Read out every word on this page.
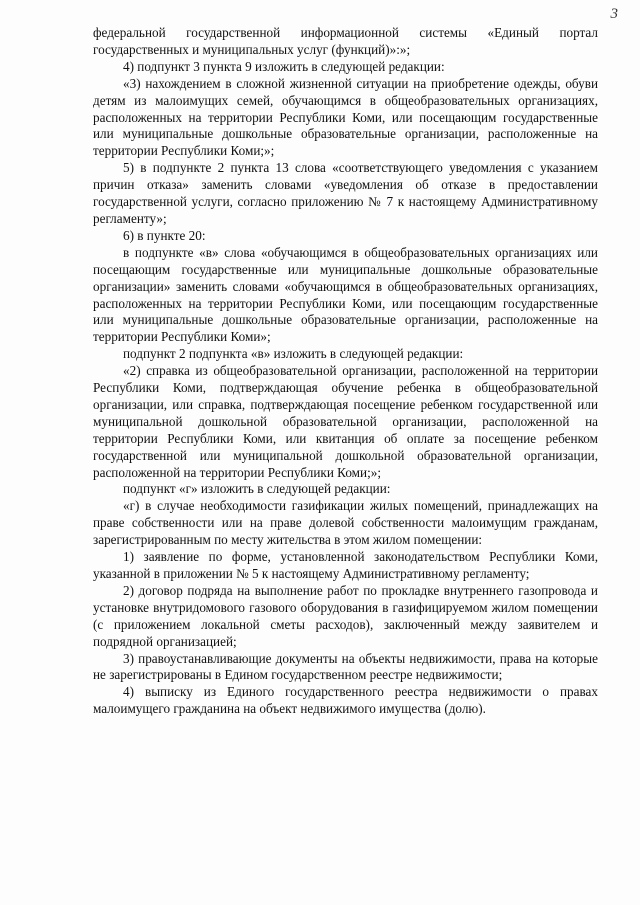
3

федеральной государственной информационной системы «Единый портал государственных и муниципальных услуг (функций)»:»;

4) подпункт 3 пункта 9 изложить в следующей редакции:

«3) нахождением в сложной жизненной ситуации на приобретение одежды, обуви детям из малоимущих семей, обучающимся в общеобразовательных организациях, расположенных на территории Республики Коми, или посещающим государственные или муниципальные дошкольные образовательные организации, расположенные на территории Республики Коми;»;

5) в подпункте 2 пункта 13 слова «соответствующего уведомления с указанием причин отказа» заменить словами «уведомления об отказе в предоставлении государственной услуги, согласно приложению № 7 к настоящему Административному регламенту»;

6) в пункте 20:

в подпункте «в» слова «обучающимся в общеобразовательных организациях или посещающим государственные или муниципальные дошкольные образовательные организации» заменить словами «обучающимся в общеобразовательных организациях, расположенных на территории Республики Коми, или посещающим государственные или муниципальные дошкольные образовательные организации, расположенные на территории Республики Коми»;

подпункт 2 подпункта «в» изложить в следующей редакции:

«2) справка из общеобразовательной организации, расположенной на территории Республики Коми, подтверждающая обучение ребенка в общеобразовательной организации, или справка, подтверждающая посещение ребенком государственной или муниципальной дошкольной образовательной организации, расположенной на территории Республики Коми, или квитанция об оплате за посещение ребенком государственной или муниципальной дошкольной образовательной организации, расположенной на территории Республики Коми;»;

подпункт «г» изложить в следующей редакции:

«г) в случае необходимости газификации жилых помещений, принадлежащих на праве собственности или на праве долевой собственности малоимущим гражданам, зарегистрированным по месту жительства в этом жилом помещении:

1) заявление по форме, установленной законодательством Республики Коми, указанной в приложении № 5 к настоящему Административному регламенту;

2) договор подряда на выполнение работ по прокладке внутреннего газопровода и установке внутридомового газового оборудования в газифицируемом жилом помещении (с приложением локальной сметы расходов), заключенный между заявителем и подрядной организацией;

3) правоустанавливающие документы на объекты недвижимости, права на которые не зарегистрированы в Едином государственном реестре недвижимости;

4) выписку из Единого государственного реестра недвижимости о правах малоимущего гражданина на объект недвижимого имущества (долю).
